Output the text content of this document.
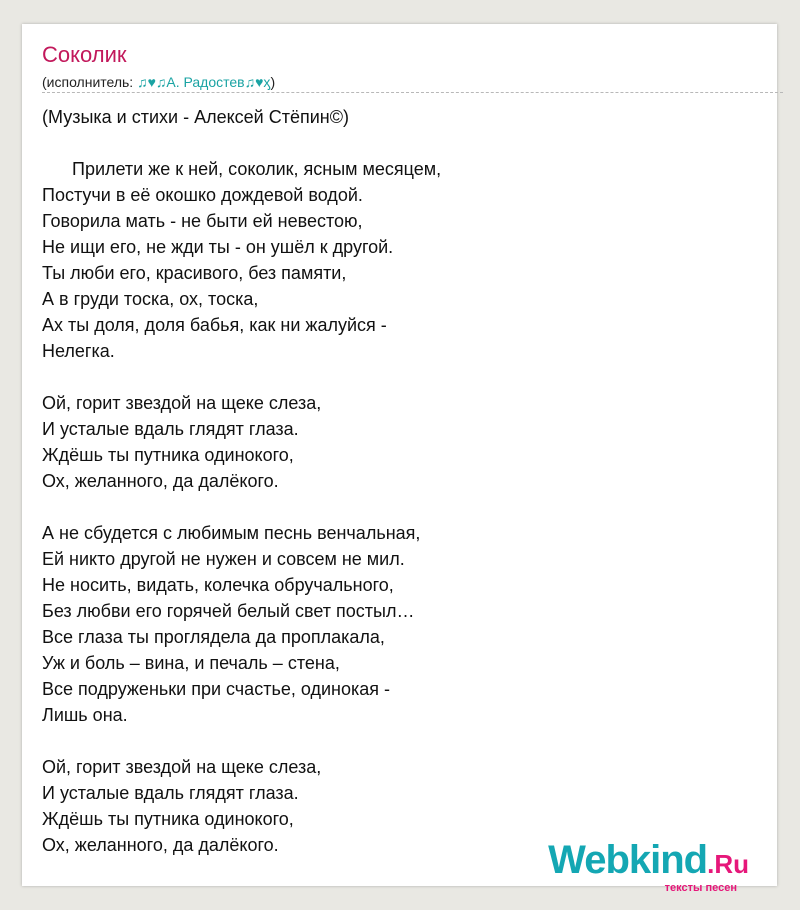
Соколик
(исполнитель: ♫♥♫А. Радостев♫♥ӽ)
(Музыка и стихи - Алексей Стёпин©)

Прилети же к ней, соколик, ясным месяцем,
Постучи в её окошко дождевой водой.
Говорила мать - не быти ей невестою,
Не ищи его, не жди ты - он ушёл к другой.
Ты люби его, красивого, без памяти,
А в груди тоска, ох, тоска,
Ах ты доля, доля бабья, как ни жалуйся -
Нелегка.

Ой, горит звездой на щеке слеза,
И усталые вдаль глядят глаза.
Ждёшь ты путника одинокого,
Ох, желанного, да далёкого.

А не сбудется с любимым песнь венчальная,
Ей никто другой не нужен и совсем не мил.
Не носить, видать, колечка обручального,
Без любви его горячей белый свет постыл…
Все глаза ты проглядела да проплакала,
Уж и боль – вина, и печаль – стена,
Все подруженьки при счастье, одинокая -
Лишь она.

Ой, горит звездой на щеке слеза,
И усталые вдаль глядят глаза.
Ждёшь ты путника одинокого,
Ох, желанного, да далёкого.	Webkind.Ru
тексты песен
